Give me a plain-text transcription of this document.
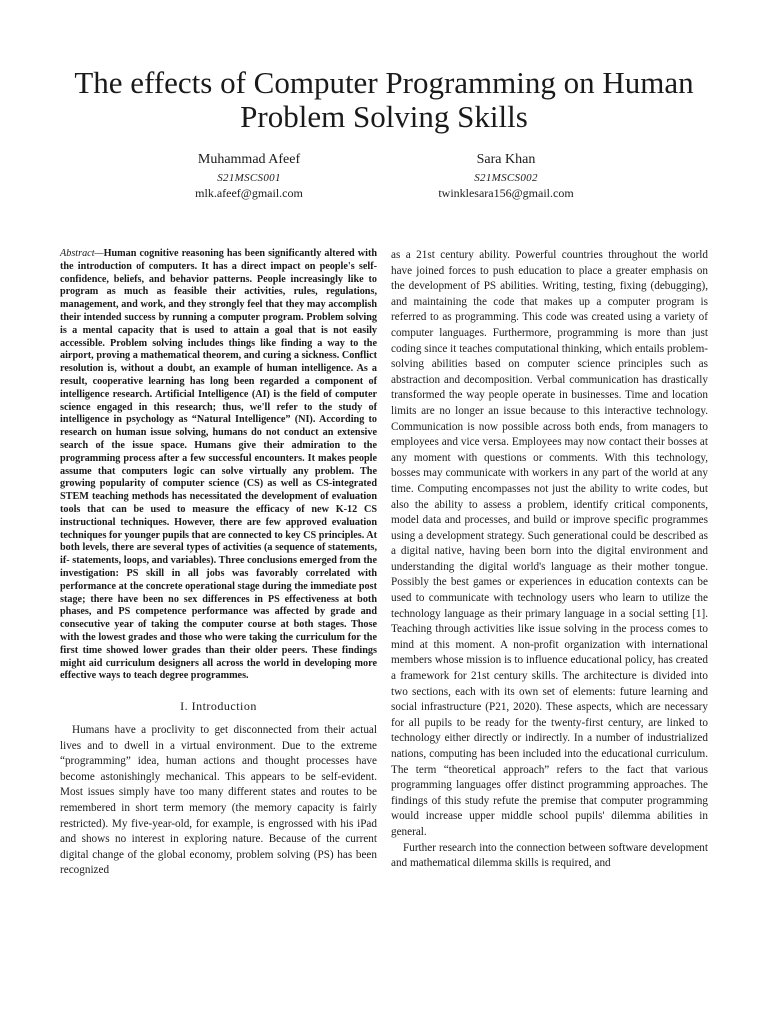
The effects of Computer Programming on Human Problem Solving Skills
Muhammad Afeef
S21MSCS001
mlk.afeef@gmail.com
Sara Khan
S21MSCS002
twinklesara156@gmail.com

Abstract—Human cognitive reasoning has been significantly altered with the introduction of computers. It has a direct impact on people's self-confidence, beliefs, and behavior patterns. People increasingly like to program as much as feasible their activities, rules, regulations, management, and work, and they strongly feel that they may accomplish their intended success by running a computer program. Problem solving is a mental capacity that is used to attain a goal that is not easily accessible. Problem solving includes things like finding a way to the airport, proving a mathematical theorem, and curing a sickness. Conflict resolution is, without a doubt, an example of human intelligence. As a result, cooperative learning has long been regarded a component of intelligence research. Artificial Intelligence (AI) is the field of computer science engaged in this research; thus, we'll refer to the study of intelligence in psychology as “Natural Intelligence” (NI). According to research on human issue solving, humans do not conduct an extensive search of the issue space. Humans give their admiration to the programming process after a few successful encounters. It makes people assume that computers logic can solve virtually any problem. The growing popularity of computer science (CS) as well as CS-integrated STEM teaching methods has necessitated the development of evaluation tools that can be used to measure the efficacy of new K-12 CS instructional techniques. However, there are few approved evaluation techniques for younger pupils that are connected to key CS principles. At both levels, there are several types of activities (a sequence of statements, if- statements, loops, and variables). Three conclusions emerged from the investigation: PS skill in all jobs was favorably correlated with performance at the concrete operational stage during the immediate post stage; there have been no sex differences in PS effectiveness at both phases, and PS competence performance was affected by grade and consecutive year of taking the computer course at both stages. Those with the lowest grades and those who were taking the curriculum for the first time showed lower grades than their older peers. These findings might aid curriculum designers all across the world in developing more effective ways to teach degree programmes.

I. Introduction

Humans have a proclivity to get disconnected from their actual lives and to dwell in a virtual environment. Due to the extreme “programming” idea, human actions and thought processes have become astonishingly mechanical. This appears to be self-evident. Most issues simply have too many different states and routes to be remembered in short term memory (the memory capacity is fairly restricted). My five-year-old, for example, is engrossed with his iPad and shows no interest in exploring nature. Because of the current digital change of the global economy, problem solving (PS) has been recognized

as a 21st century ability. Powerful countries throughout the world have joined forces to push education to place a greater emphasis on the development of PS abilities. Writing, testing, fixing (debugging), and maintaining the code that makes up a computer program is referred to as programming. This code was created using a variety of computer languages. Furthermore, programming is more than just coding since it teaches computational thinking, which entails problem-solving abilities based on computer science principles such as abstraction and decomposition. Verbal communication has drastically transformed the way people operate in businesses. Time and location limits are no longer an issue because to this interactive technology. Communication is now possible across both ends, from managers to employees and vice versa. Employees may now contact their bosses at any moment with questions or comments. With this technology, bosses may communicate with workers in any part of the world at any time. Computing encompasses not just the ability to write codes, but also the ability to assess a problem, identify critical components, model data and processes, and build or improve specific programmes using a development strategy. Such generational could be described as a digital native, having been born into the digital environment and understanding the digital world's language as their mother tongue. Possibly the best games or experiences in education contexts can be used to communicate with technology users who learn to utilize the technology language as their primary language in a social setting [1]. Teaching through activities like issue solving in the process comes to mind at this moment. A non-profit organization with international members whose mission is to influence educational policy, has created a framework for 21st century skills. The architecture is divided into two sections, each with its own set of elements: future learning and social infrastructure (P21, 2020). These aspects, which are necessary for all pupils to be ready for the twenty-first century, are linked to technology either directly or indirectly. In a number of industrialized nations, computing has been included into the educational curriculum. The term “theoretical approach” refers to the fact that various programming languages offer distinct programming approaches. The findings of this study refute the premise that computer programming would increase upper middle school pupils' dilemma abilities in general.

Further research into the connection between software development and mathematical dilemma skills is required, and
